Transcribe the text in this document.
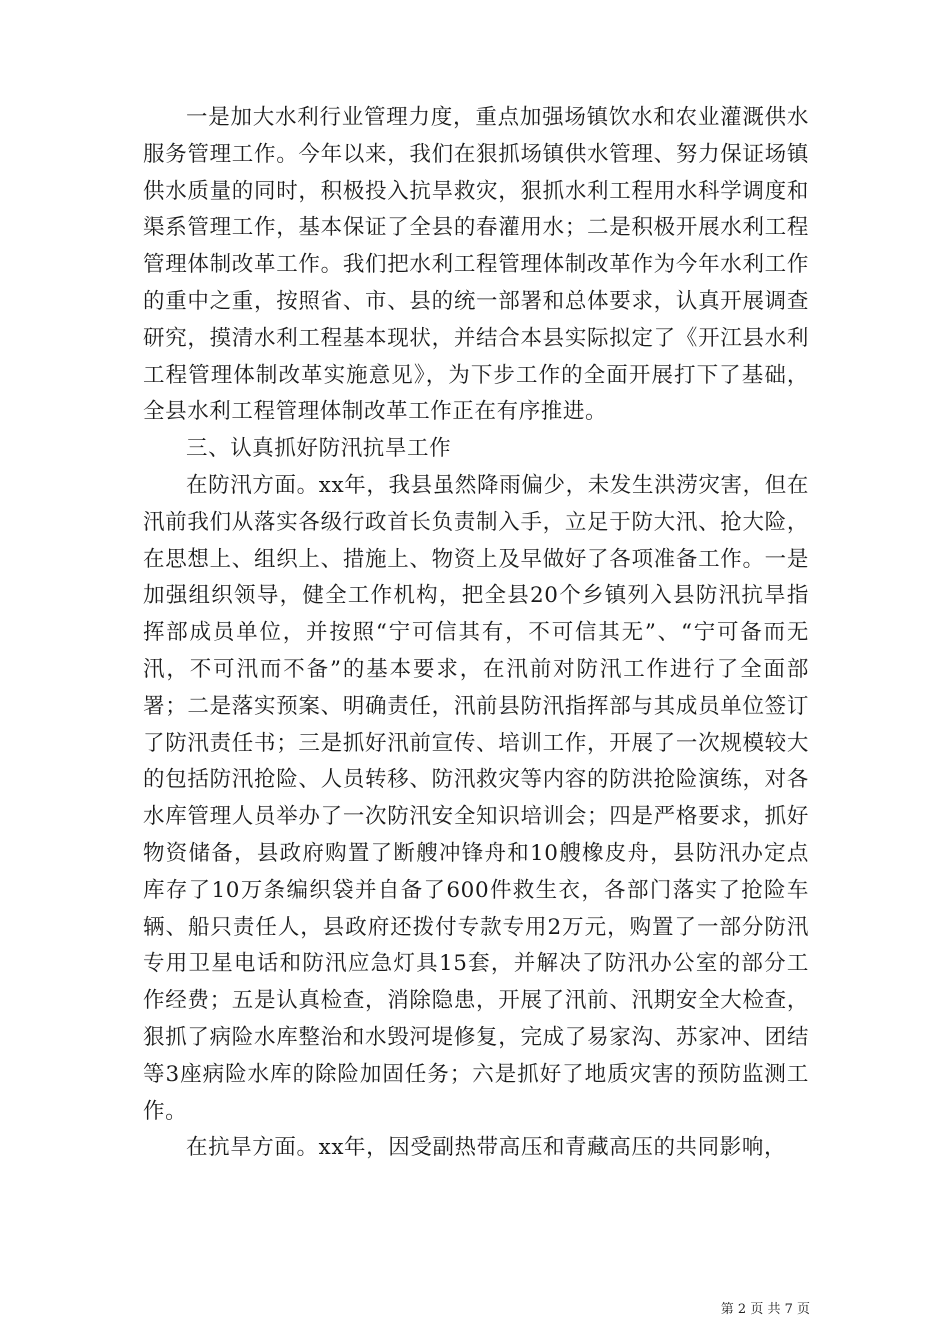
一是加大水利行业管理力度，重点加强场镇饮水和农业灌溉供水服务管理工作。今年以来，我们在狠抓场镇供水管理、努力保证场镇供水质量的同时，积极投入抗旱救灾，狠抓水利工程用水科学调度和渠系管理工作，基本保证了全县的春灌用水；二是积极开展水利工程管理体制改革工作。我们把水利工程管理体制改革作为今年水利工作的重中之重，按照省、市、县的统一部署和总体要求，认真开展调查研究，摸清水利工程基本现状，并结合本县实际拟定了《开江县水利工程管理体制改革实施意见》，为下步工作的全面开展打下了基础，全县水利工程管理体制改革工作正在有序推进。

三、认真抓好防汛抗旱工作

在防汛方面。xx年，我县虽然降雨偏少，未发生洪涝灾害，但在汛前我们从落实各级行政首长负责制入手，立足于防大汛、抢大险，在思想上、组织上、措施上、物资上及早做好了各项准备工作。一是加强组织领导，健全工作机构，把全县20个乡镇列入县防汛抗旱指挥部成员单位，并按照“宁可信其有，不可信其无”、“宁可备而无汛，不可汛而不备”的基本要求，在汛前对防汛工作进行了全面部署；二是落实预案、明确责任，汛前县防汛指挥部与其成员单位签订了防汛责任书；三是抓好汛前宣传、培训工作，开展了一次规模较大的包括防汛抢险、人员转移、防汛救灾等内容的防洪抢险演练，对各水库管理人员举办了一次防汛安全知识培训会；四是严格要求，抓好物资储备，县政府购置了断艘冲锋舟和10艘橡皮舟，县防汛办定点库存了10万条编织袋并自备了600件救生衣，各部门落实了抢险车辆、船只责任人，县政府还拨付专款专用2万元，购置了一部分防汛专用卫星电话和防汛应急灯具15套，并解决了防汛办公室的部分工作经费；五是认真检查，消除隐患，开展了汛前、汛期安全大检查，狠抓了病险水库整治和水毁河堤修复，完成了易家沟、苏家冲、团结等3座病险水库的除险加固任务；六是抓好了地质灾害的预防监测工作。

在抗旱方面。xx年，因受副热带高压和青藏高压的共同影响，

第 2 页 共 7 页
